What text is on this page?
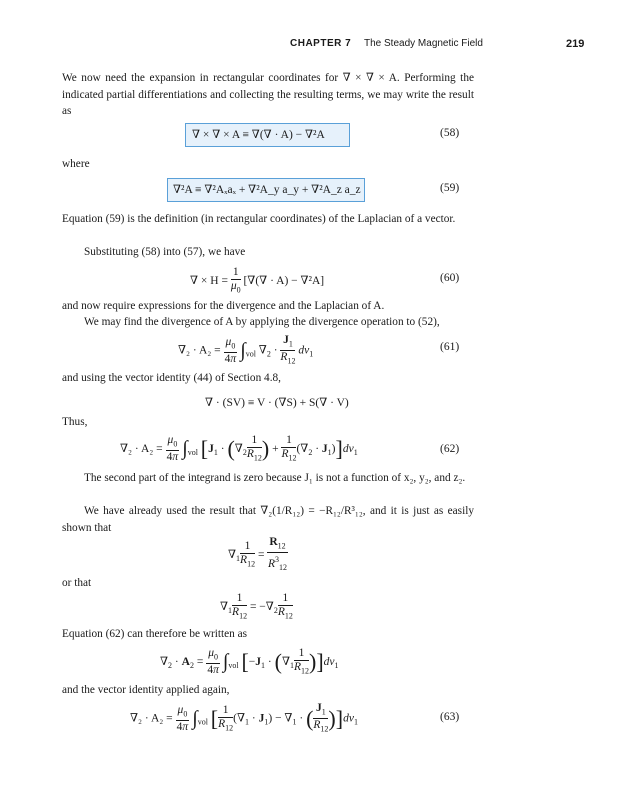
CHAPTER 7 The Steady Magnetic Field	219
We now need the expansion in rectangular coordinates for ∇ × ∇ × A. Performing the indicated partial differentiations and collecting the resulting terms, we may write the result as
∇ × ∇ × A ≡ ∇(∇ · A) − ∇²A	(58)
where
∇²A ≡ ∇²Aₓaₓ + ∇²A_y a_y + ∇²A_z a_z	(59)
Equation (59) is the definition (in rectangular coordinates) of the Laplacian of a vector.
Substituting (58) into (57), we have
∇ × $H = \frac{1}{\mu_0}$ [∇(∇ · A) − ∇²A]	(60)
and now require expressions for the divergence and the Laplacian of A.
We may find the divergence of A by applying the divergence operation to (52),
$\nabla_2 \cdot A_2 = \frac{\mu_0}{4\pi} \int_{vol}$ $\nabla_2 \cdot \frac{J_1}{R_{12}} dv_1$
(61)
and using the vector identity (44) of Section 4.8,
∇ · (SV) ≡ V · (∇S) + S(∇ · V)
Thus,
$\nabla_2 \cdot A_2 = \frac{\mu_0}{4\pi} \int_{vol}$ [$J_1 \cdot (\nabla_2 \frac{1}{R_{12}}$ ) + $\frac{1}{R_{12}} (\nabla_2 \cdot J_1)]dv_1$	(62)
The second part of the integrand is zero because J₁ is not a function of x₂, y₂, and z₂.
We have already used the result that ∇₂(1/R₁₂) = −R₁₂/R³₁₂, and it is just as easily shown that
$\nabla_1 \frac{1}{R_{12}} = \frac{R_{12}}{R^3_{12}}$
or that
$\nabla_1 \frac{1}{R_{12}} = -\nabla_2 \frac{1}{R_{12}}$
Equation (62) can therefore be written as
$\nabla_2 \cdot A_2 = \frac{\mu_0}{4\pi} \int_{vol}$ $[-J_1 \cdot (\nabla_1 \frac{1}{R_{12}} )]dv_1$
and the vector identity applied again,
$\nabla_2 \cdot A_2 = \frac{\mu_0}{4\pi} \int_{vol}$ [ $\frac{1}{R_{12}} (\nabla_1 \cdot J_1) - \nabla_1$ · ( $\frac{J_1}{R_{12}} )]dv_1$	(63)
